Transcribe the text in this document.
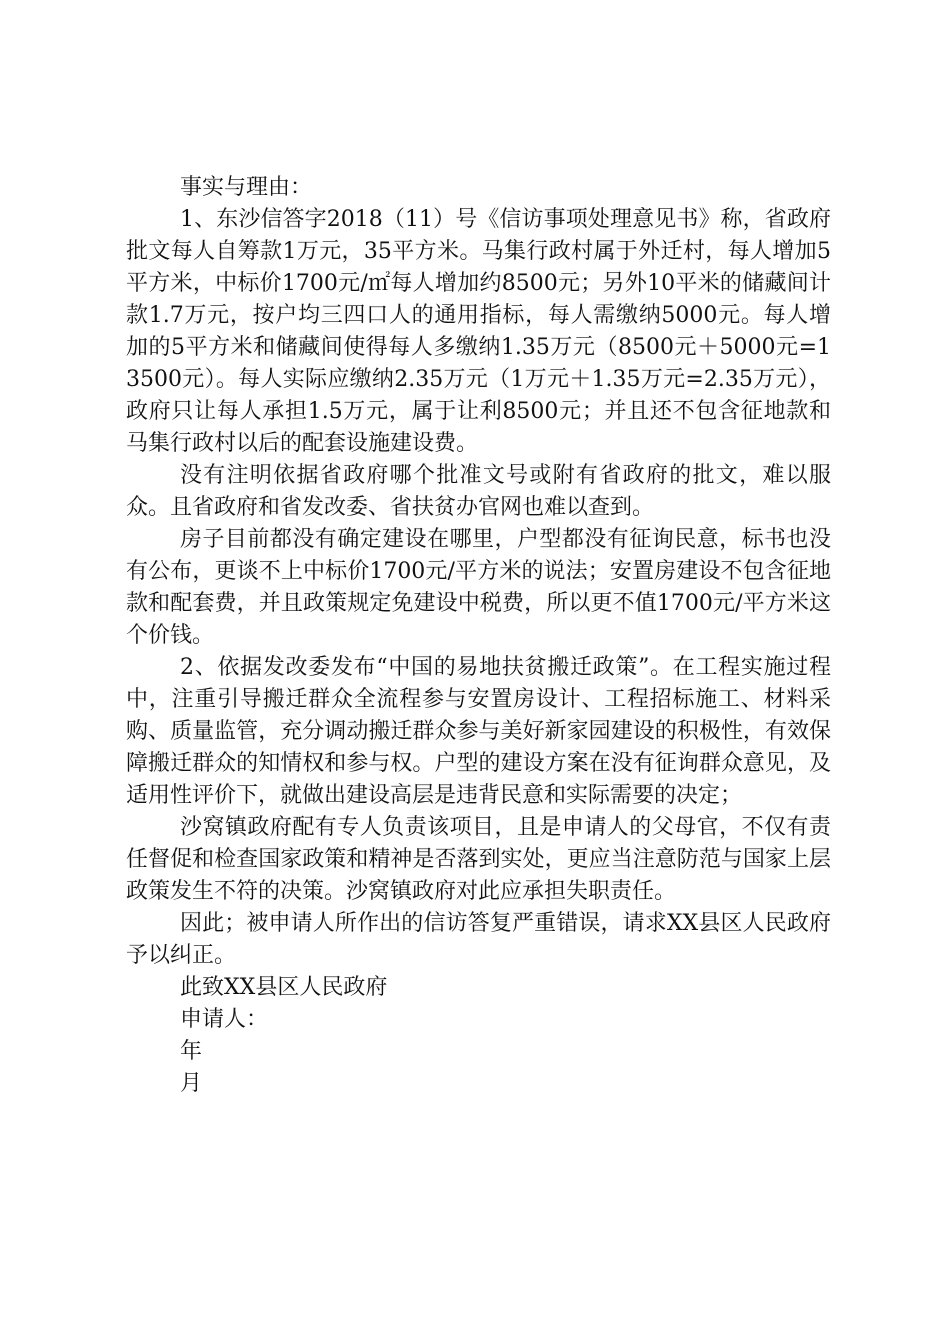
事实与理由：

1、东沙信答字2018（11）号《信访事项处理意见书》称，省政府批文每人自筹款1万元，35平方米。马集行政村属于外迁村，每人增加5平方米，中标价1700元/㎡每人增加约8500元；另外10平米的储藏间计款1.7万元，按户均三四口人的通用指标，每人需缴纳5000元。每人增加的5平方米和储藏间使得每人多缴纳1.35万元（8500元＋5000元=13500元）。每人实际应缴纳2.35万元（1万元＋1.35万元=2.35万元），政府只让每人承担1.5万元，属于让利8500元；并且还不包含征地款和马集行政村以后的配套设施建设费。

没有注明依据省政府哪个批准文号或附有省政府的批文，难以服众。且省政府和省发改委、省扶贫办官网也难以查到。

房子目前都没有确定建设在哪里，户型都没有征询民意，标书也没有公布，更谈不上中标价1700元/平方米的说法；安置房建设不包含征地款和配套费，并且政策规定免建设中税费，所以更不值1700元/平方米这个价钱。

2、依据发改委发布“中国的易地扶贫搬迁政策”。在工程实施过程中，注重引导搬迁群众全流程参与安置房设计、工程招标施工、材料采购、质量监管，充分调动搬迁群众参与美好新家园建设的积极性，有效保障搬迁群众的知情权和参与权。户型的建设方案在没有征询群众意见，及适用性评价下，就做出建设高层是违背民意和实际需要的决定；

沙窝镇政府配有专人负责该项目，且是申请人的父母官，不仅有责任督促和检查国家政策和精神是否落到实处，更应当注意防范与国家上层政策发生不符的决策。沙窝镇政府对此应承担失职责任。

因此；被申请人所作出的信访答复严重错误，请求XX县区人民政府予以纠正。

此致XX县区人民政府

申请人：

年

月
